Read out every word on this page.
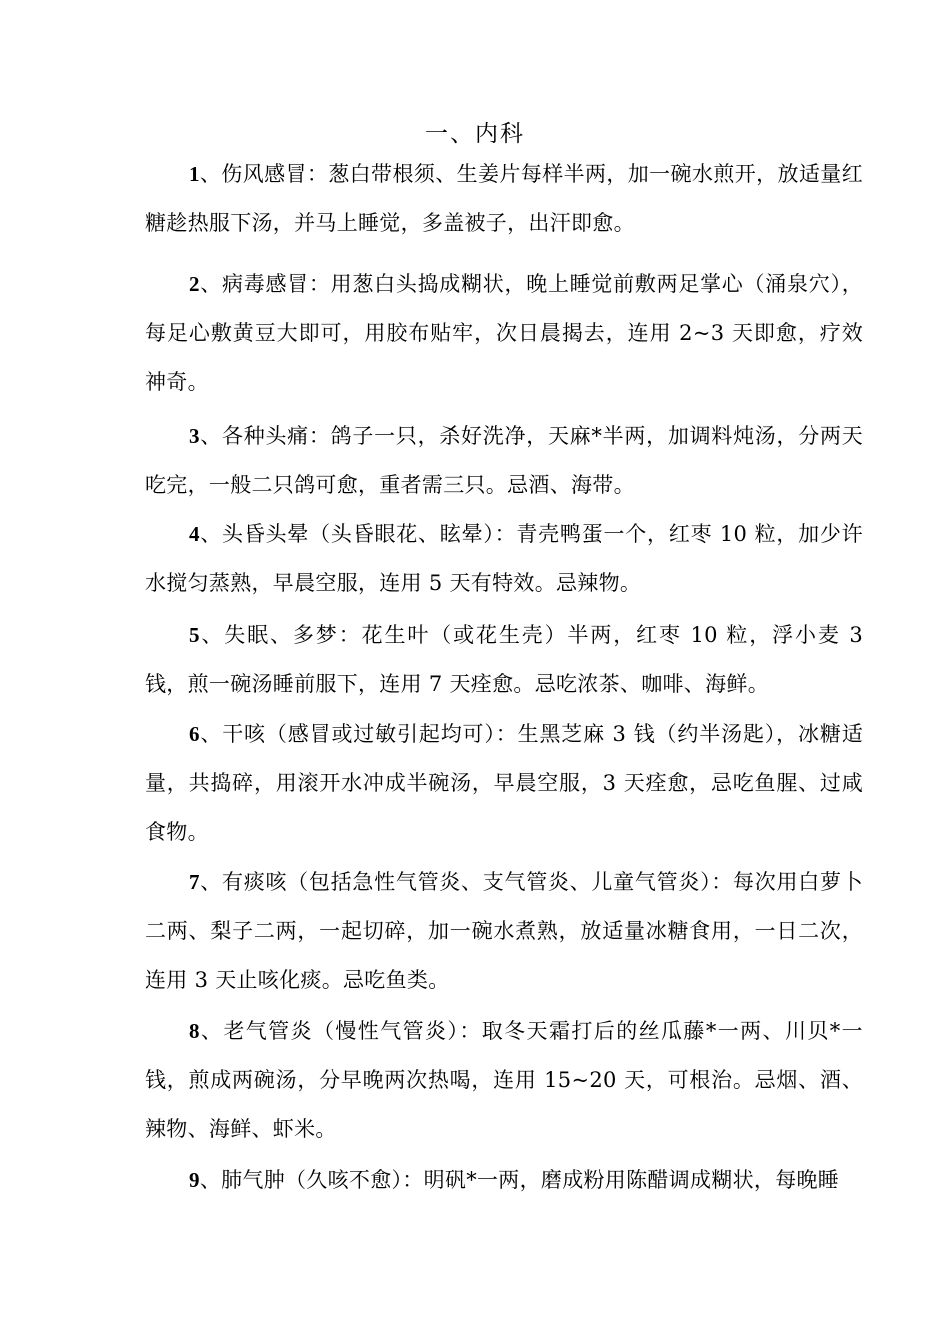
一、内科

1、伤风感冒：葱白带根须、生姜片每样半两，加一碗水煎开，放适量红糖趁热服下汤，并马上睡觉，多盖被子，出汗即愈。

2、病毒感冒：用葱白头捣成糊状，晚上睡觉前敷两足掌心（涌泉穴），每足心敷黄豆大即可，用胶布贴牢，次日晨揭去，连用 2~3 天即愈，疗效神奇。

3、各种头痛：鸽子一只，杀好洗净，天麻*半两，加调料炖汤，分两天吃完，一般二只鸽可愈，重者需三只。忌酒、海带。

4、头昏头晕（头昏眼花、眩晕）：青壳鸭蛋一个，红枣 10 粒，加少许水搅匀蒸熟，早晨空服，连用 5 天有特效。忌辣物。

5、失眠、多梦：花生叶（或花生壳）半两，红枣 10 粒，浮小麦 3 钱，煎一碗汤睡前服下，连用 7 天痊愈。忌吃浓茶、咖啡、海鲜。

6、干咳（感冒或过敏引起均可）：生黑芝麻 3 钱（约半汤匙），冰糖适量，共捣碎，用滚开水冲成半碗汤，早晨空服，3 天痊愈，忌吃鱼腥、过咸食物。

7、有痰咳（包括急性气管炎、支气管炎、儿童气管炎）：每次用白萝卜二两、梨子二两，一起切碎，加一碗水煮熟，放适量冰糖食用，一日二次，连用 3 天止咳化痰。忌吃鱼类。

8、老气管炎（慢性气管炎）：取冬天霜打后的丝瓜藤*一两、川贝*一钱，煎成两碗汤，分早晚两次热喝，连用 15~20 天，可根治。忌烟、酒、辣物、海鲜、虾米。

9、肺气肿（久咳不愈）：明矾*一两，磨成粉用陈醋调成糊状，每晚睡
